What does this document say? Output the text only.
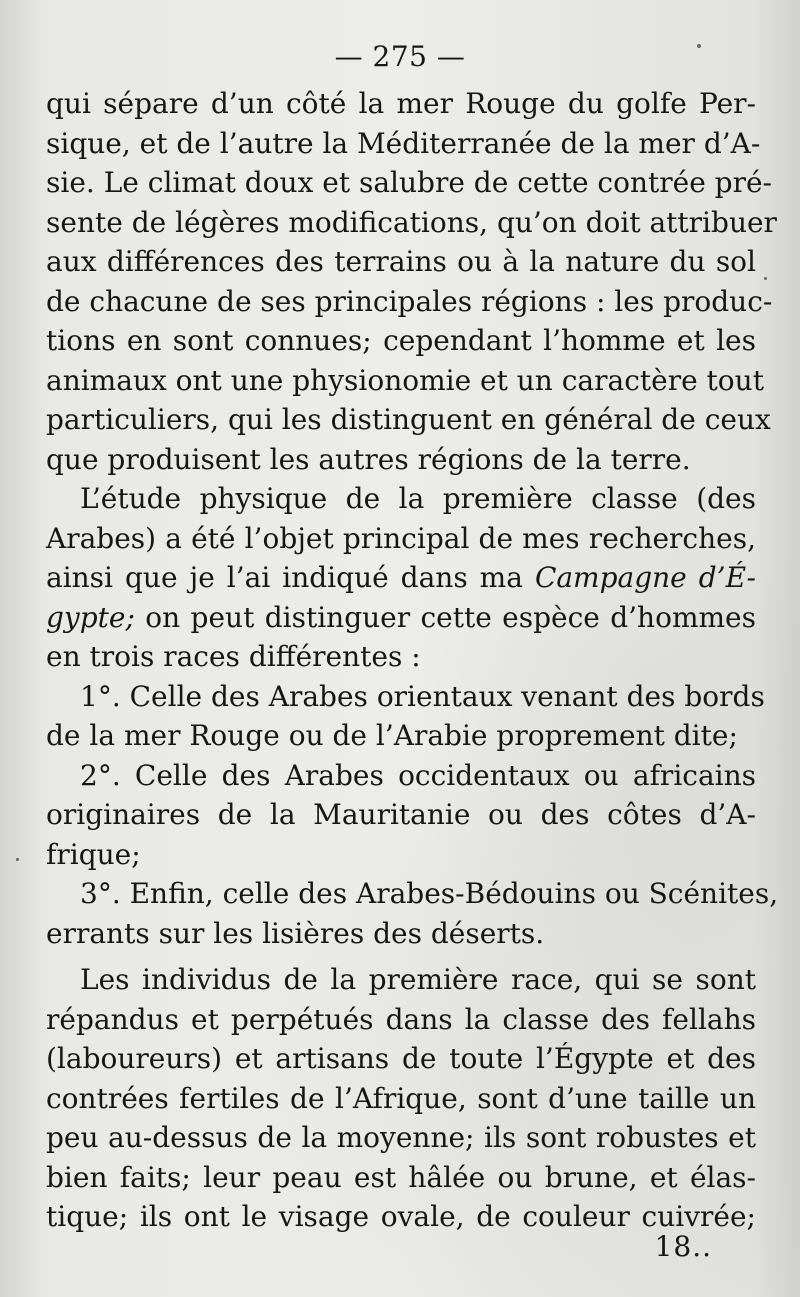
— 275 —
qui sépare d’un côté la mer Rouge du golfe Per-
sique, et de l’autre la Méditerranée de la mer d’A-
sie. Le climat doux et salubre de cette contrée pré-
sente de légères modifications, qu’on doit attribuer
aux différences des terrains ou à la nature du sol
de chacune de ses principales régions : les produc-
tions en sont connues; cependant l’homme et les
animaux ont une physionomie et un caractère tout
particuliers, qui les distinguent en général de ceux
que produisent les autres régions de la terre.
L’étude physique de la première classe (des
Arabes) a été l’objet principal de mes recherches,
ainsi que je l’ai indiqué dans ma Campagne d’É-
gypte; on peut distinguer cette espèce d’hommes
en trois races différentes :
1°. Celle des Arabes orientaux venant des bords
de la mer Rouge ou de l’Arabie proprement dite;
2°. Celle des Arabes occidentaux ou africains
originaires de la Mauritanie ou des côtes d’A-
frique;
3°. Enfin, celle des Arabes-Bédouins ou Scénites,
errants sur les lisières des déserts.
Les individus de la première race, qui se sont
répandus et perpétués dans la classe des fellahs
(laboureurs) et artisans de toute l’Égypte et des
contrées fertiles de l’Afrique, sont d’une taille un
peu au-dessus de la moyenne; ils sont robustes et
bien faits; leur peau est hâlée ou brune, et élas-
tique; ils ont le visage ovale, de couleur cuivrée;
18..
